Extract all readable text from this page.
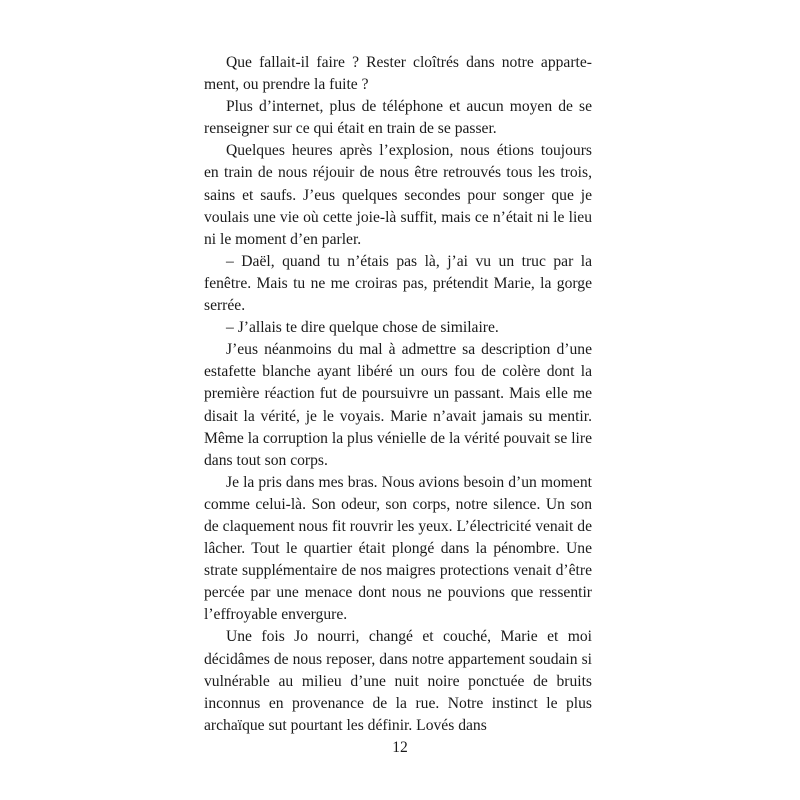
Que fallait-il faire ? Rester cloîtrés dans notre appartement, ou prendre la fuite ?

Plus d’internet, plus de téléphone et aucun moyen de se renseigner sur ce qui était en train de se passer.

Quelques heures après l’explosion, nous étions toujours en train de nous réjouir de nous être retrouvés tous les trois, sains et saufs. J’eus quelques secondes pour songer que je voulais une vie où cette joie-là suffit, mais ce n’était ni le lieu ni le moment d’en parler.

– Daël, quand tu n’étais pas là, j’ai vu un truc par la fenêtre. Mais tu ne me croiras pas, prétendit Marie, la gorge serrée.

– J’allais te dire quelque chose de similaire.

J’eus néanmoins du mal à admettre sa description d’une estafette blanche ayant libéré un ours fou de colère dont la première réaction fut de poursuivre un passant. Mais elle me disait la vérité, je le voyais. Marie n’avait jamais su mentir. Même la corruption la plus vénielle de la vérité pouvait se lire dans tout son corps.

Je la pris dans mes bras. Nous avions besoin d’un moment comme celui-là. Son odeur, son corps, notre silence. Un son de claquement nous fit rouvrir les yeux. L’électricité venait de lâcher. Tout le quartier était plongé dans la pénombre. Une strate supplémentaire de nos maigres protections venait d’être percée par une menace dont nous ne pouvions que ressentir l’effroyable envergure.

Une fois Jo nourri, changé et couché, Marie et moi décidâmes de nous reposer, dans notre appartement soudain si vulnérable au milieu d’une nuit noire ponctuée de bruits inconnus en provenance de la rue. Notre instinct le plus archaïque sut pourtant les définir. Lovés dans

12
